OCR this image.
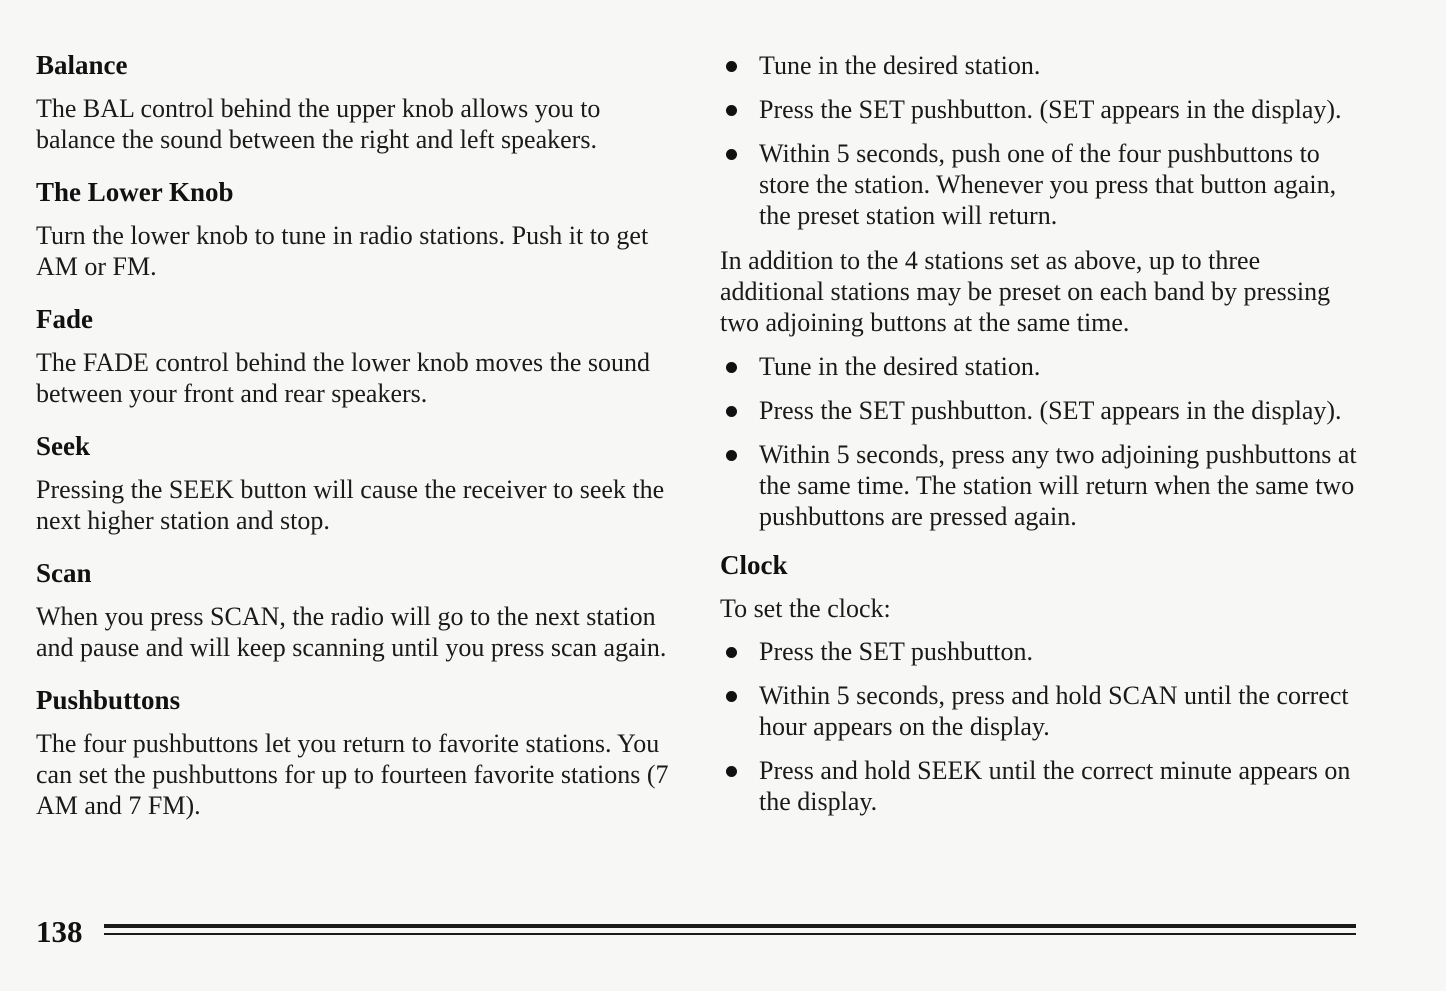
Balance

The BAL control behind the upper knob allows you to balance the sound between the right and left speakers.

The Lower Knob

Turn the lower knob to tune in radio stations. Push it to get AM or FM.

Fade

The FADE control behind the lower knob moves the sound between your front and rear speakers.

Seek

Pressing the SEEK button will cause the receiver to seek the next higher station and stop.

Scan

When you press SCAN, the radio will go to the next station and pause and will keep scanning until you press scan again.

Pushbuttons

The four pushbuttons let you return to favorite stations. You can set the pushbuttons for up to fourteen favorite stations (7 AM and 7 FM).

Tune in the desired station.
Press the SET pushbutton. (SET appears in the display).
Within 5 seconds, push one of the four pushbuttons to store the station. Whenever you press that button again, the preset station will return.

In addition to the 4 stations set as above, up to three additional stations may be preset on each band by pressing two adjoining buttons at the same time.

Tune in the desired station.
Press the SET pushbutton. (SET appears in the display).
Within 5 seconds, press any two adjoining pushbuttons at the same time. The station will return when the same two pushbuttons are pressed again.
Clock

To set the clock:

Press the SET pushbutton.
Within 5 seconds, press and hold SCAN until the correct hour appears on the display.
Press and hold SEEK until the correct minute appears on the display.
138
